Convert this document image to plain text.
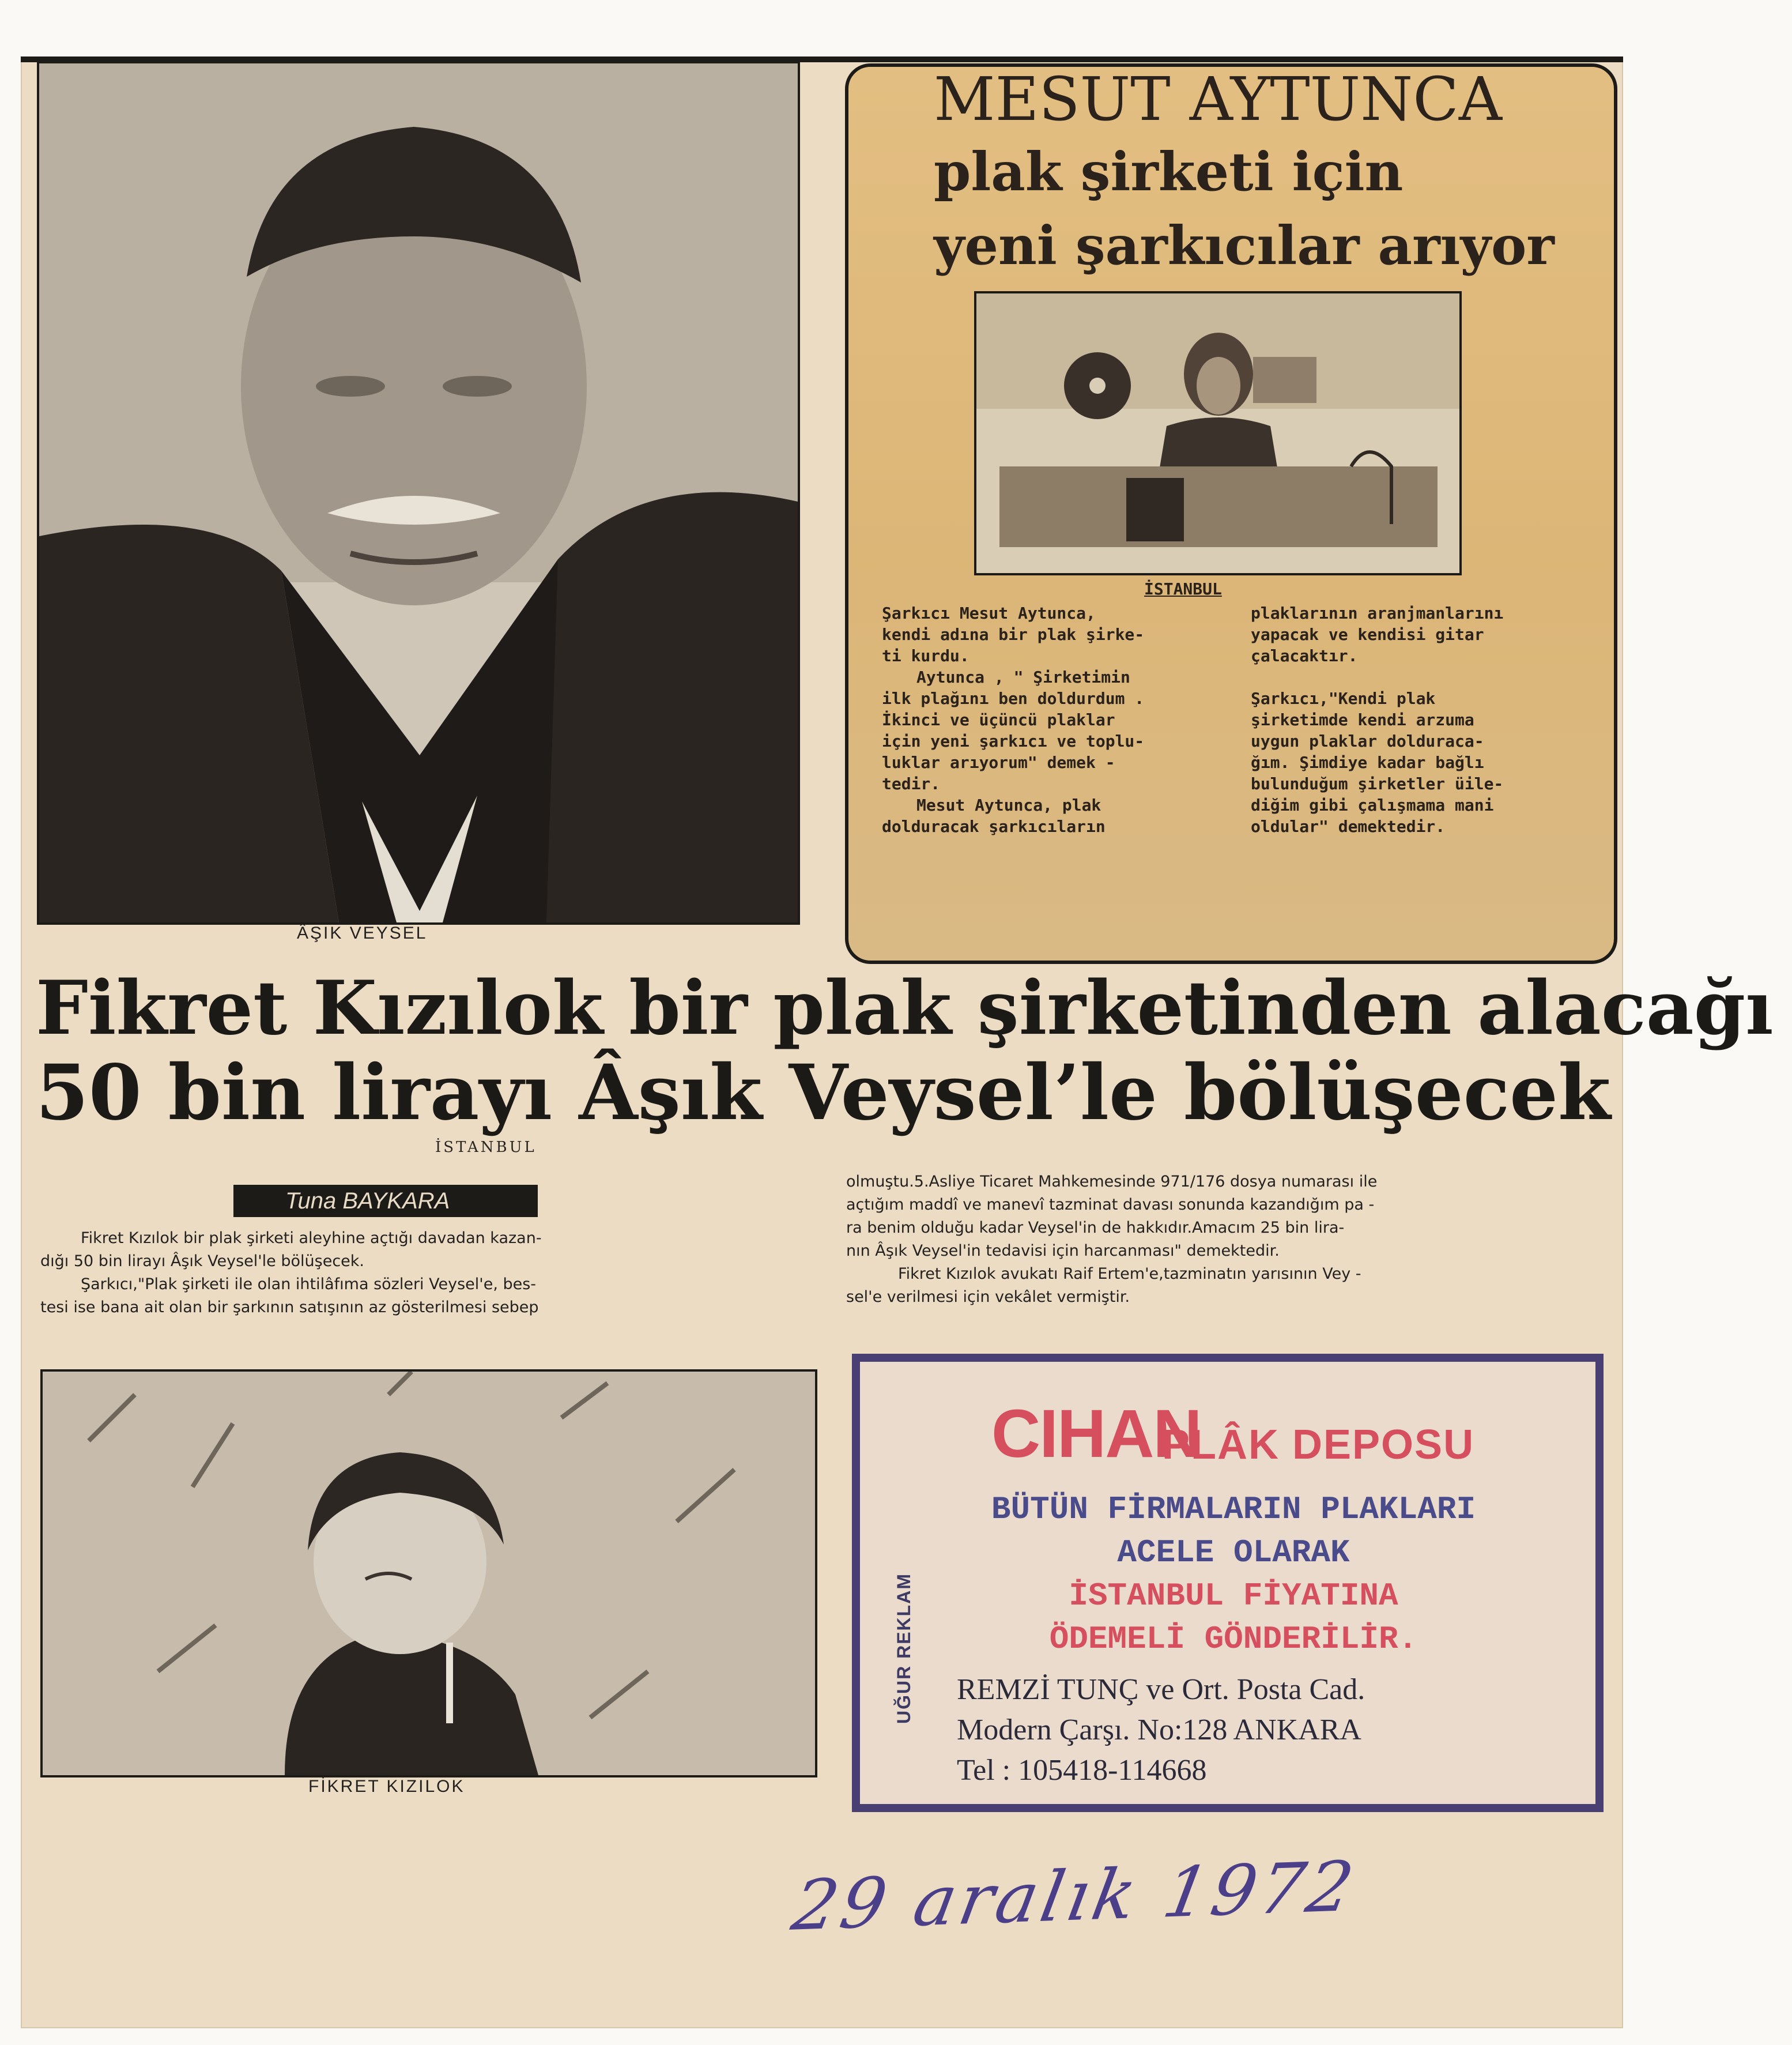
ÂŞIK VEYSEL
MESUT AYTUNCA
plak şirketi için
yeni şarkıcılar arıyor
İSTANBUL

Şarkıcı Mesut Aytunca,

kendi adına bir plak şirke-

ti kurdu.

Aytunca , " Şirketimin

ilk plağını ben doldurdum .

İkinci ve üçüncü plaklar

için yeni şarkıcı ve toplu-

luklar arıyorum" demek -

tedir.

Mesut Aytunca, plak

dolduracak şarkıcıların

plaklarının aranjmanlarını

yapacak ve kendisi gitar

çalacaktır.

Şarkıcı,"Kendi plak

şirketimde kendi arzuma

uygun plaklar dolduraca-

ğım. Şimdiye kadar bağlı

bulunduğum şirketler üile-

diğim gibi çalışmama mani

oldular" demektedir.

Fikret Kızılok bir plak şirketinden alacağı
50 bin lirayı Âşık Veysel’le bölüşecek
İSTANBUL
Tuna BAYKARA

Fikret Kızılok bir plak şirketi aleyhine açtığı davadan kazan-

dığı 50 bin lirayı Âşık Veysel'le bölüşecek.

Şarkıcı,"Plak şirketi ile olan ihtilâfıma sözleri Veysel'e, bes-

tesi ise bana ait olan bir şarkının satışının az gösterilmesi sebep

olmuştu.5.Asliye Ticaret Mahkemesinde 971/176 dosya numarası ile

açtığım maddî ve manevî tazminat davası sonunda kazandığım pa -

ra benim olduğu kadar Veysel'in de hakkıdır.Amacım 25 bin lira-

nın Âşık Veysel'in tedavisi için harcanması" demektedir.

Fikret Kızılok avukatı Raif Ertem'e,tazminatın yarısının Vey -

sel'e verilmesi için vekâlet vermiştir.

FİKRET KIZILOK
CIHAN
PLÂK DEPOSU
BÜTÜN FİRMALARIN PLAKLARI
ACELE OLARAK
İSTANBUL FİYATINA
ÖDEMELİ GÖNDERİLİR.
REMZİ TUNÇ ve Ort. Posta Cad.
Modern Çarşı. No:128 ANKARA
Tel : 105418-114668
UĞUR REKLAM
29 aralık 1972
